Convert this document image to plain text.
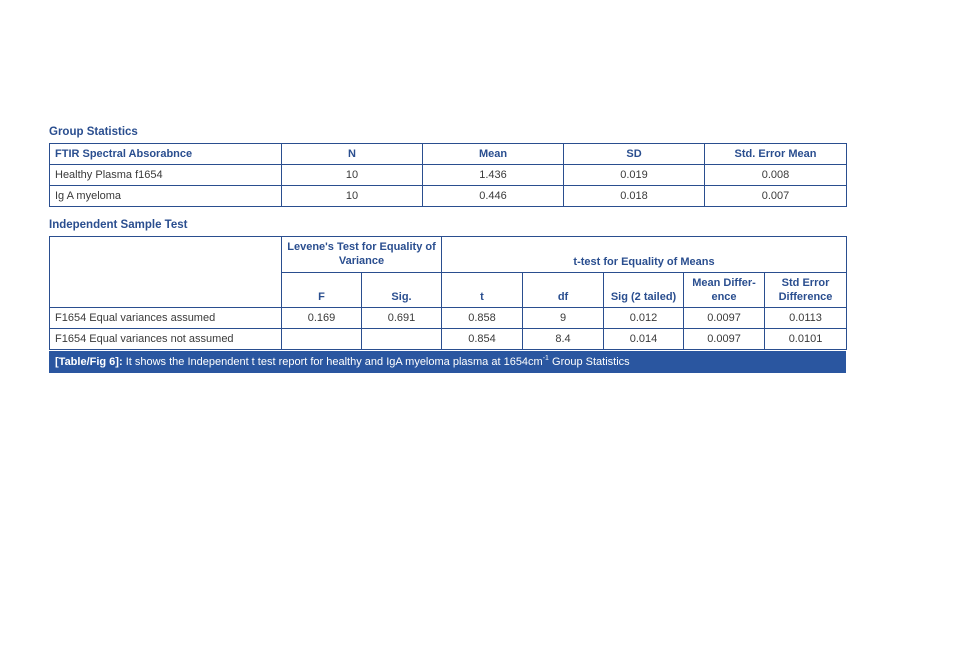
Group Statistics
FTIR Spectral Absorabnce	N	Mean	SD	Std. Error Mean
Healthy Plasma f1654	10	1.436	0.019	0.008
Ig A myeloma	10	0.446	0.018	0.007
Independent Sample Test
	Levene's Test for Equality of Variance		t-test for Equality of Means				
	F	Sig.	t	df	Sig (2 tailed)	Mean Differ- ence	Std Error Difference
F1654 Equal variances assumed	0.169	0.691	0.858	9	0.012	0.0097	0.0113
F1654 Equal variances not assumed			0.854	8.4	0.014	0.0097	0.0101
[Table/Fig 6]: It shows the Independent t test report for healthy and IgA myeloma plasma at $1654cm^{-1}$ Group Statistics
